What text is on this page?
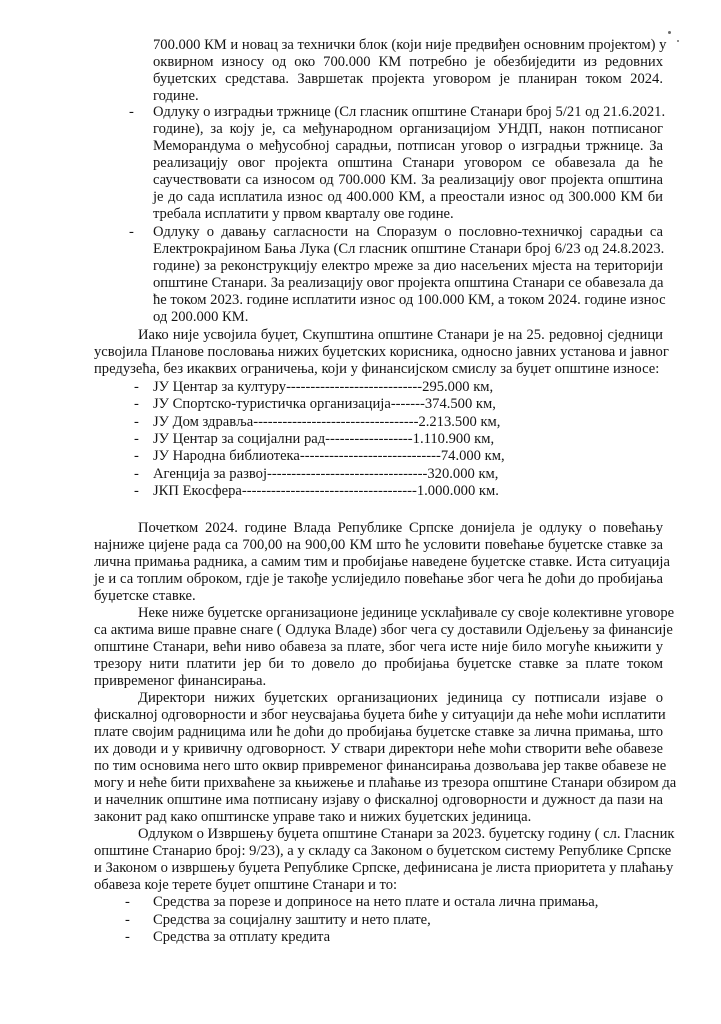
700.000 КМ и новац за технички блок (који није предвиђен основним пројектом) у

оквирном износу од око 700.000 КМ потребно је обезбиједити из редовних

буџетских средстава. Завршетак пројекта уговором је планиран током 2024.

године.

- Одлуку о изградњи тржнице (Сл гласник општине Станари број 5/21 од 21.6.2021.

године), за коју је, са међународном организацијом УНДП, након потписаног

Меморандума о међусобној сарадњи, потписан уговор о изградњи тржнице. За

реализацију овог пројекта општина Станари уговором се обавезала да ће

саучествовати са износом од 700.000 КМ. За реализацију овог пројекта општина

је до сада исплатила износ од 400.000 КМ, а преостали износ од 300.000 КМ би

требала исплатити у првом кварталу ове године.

- Одлуку о давању сагласности на Споразум о пословно-техничкој сарадњи са

Електрокрајином Бања Лука (Сл гласник општине Станари број 6/23 од 24.8.2023.

године) за реконструкцију електро мреже за дио насељених мјеста на територији

општине Станари. За реализацију овог пројекта општина Станари се обавезала да

ће током 2023. године исплатити износ од 100.000 КМ, а током 2024. године износ

од 200.000 КМ.

Иако није усвојила буџет, Скупштина општине Станари је на 25. редовној сједници

усвојила Планове пословања нижих буџетских корисника, односно јавних установа и јавног

предузећа, без икаквих ограничења, који у финансијском смислу за буџет општине износе:

- ЈУ Центар за културу----------------------------295.000 км,

- ЈУ Спортско-туристичка организација-------374.500 км,

- ЈУ Дом здравља----------------------------------2.213.500 км,

- ЈУ Центар за социјални рад------------------1.110.900 км,

- ЈУ Народна библиотека-----------------------------74.000 км,

- Агенција за развој---------------------------------320.000 км,

- ЈКП Екосфера------------------------------------1.000.000 км.

Почетком 2024. године Влада Републике Српске донијела је одлуку о повећању

најниже цијене рада са 700,00 на 900,00 КМ што ће условити повећање буџетске ставке за

лична примања радника, а самим тим и пробијање наведене буџетске ставке. Иста ситуација

је и са топлим оброком, гдје је такође услиједило повећање због чега ће доћи до пробијања

буџетске ставке.

Неке ниже буџетске организационе јединице усклађивале су своје колективне уговоре

са актима више правне снаге ( Одлука Владе) због чега су доставили Одјељењу за финансије

општине Станари, већи ниво обавеза за плате, због чега исте није било могуће књижити у

трезору нити платити јер би то довело до пробијања буџетске ставке за плате током

привременог финансирања.

Директори нижих буџетских организационих јединица су потписали изјаве о

фискалној одговорности и због неусвајања буџета биће у ситуацији да неће моћи исплатити

плате својим радницима или ће доћи до пробијања буџетске ставке за лична примања, што

их доводи и у кривичну одговорност. У ствари директори неће моћи створити веће обавезе

по тим основима него што оквир привременог финансирања дозвољава јер такве обавезе не

могу и неће бити прихваћене за књижење и плаћање из трезора општине Станари обзиром да

и начелник општине има потписану изјаву о фискалној одговорности и дужност да пази на

законит рад како општинске управе тако и нижих буџетских јединица.

Одлуком о Извршењу буџета општине Станари за 2023. буџетску годину ( сл. Гласник

општине Станарио број: 9/23), а у складу са Законом о буџетском систему Републике Српске

и Законом о извршењу буџета Републике Српске, дефинисана је листа приоритета у плаћању

обавеза које терете буџет општине Станари и то:

- Средства за порезе и доприносе на нето плате и остала лична примања,

- Средства за социјалну заштиту и нето плате,

- Средства за отплату кредита
